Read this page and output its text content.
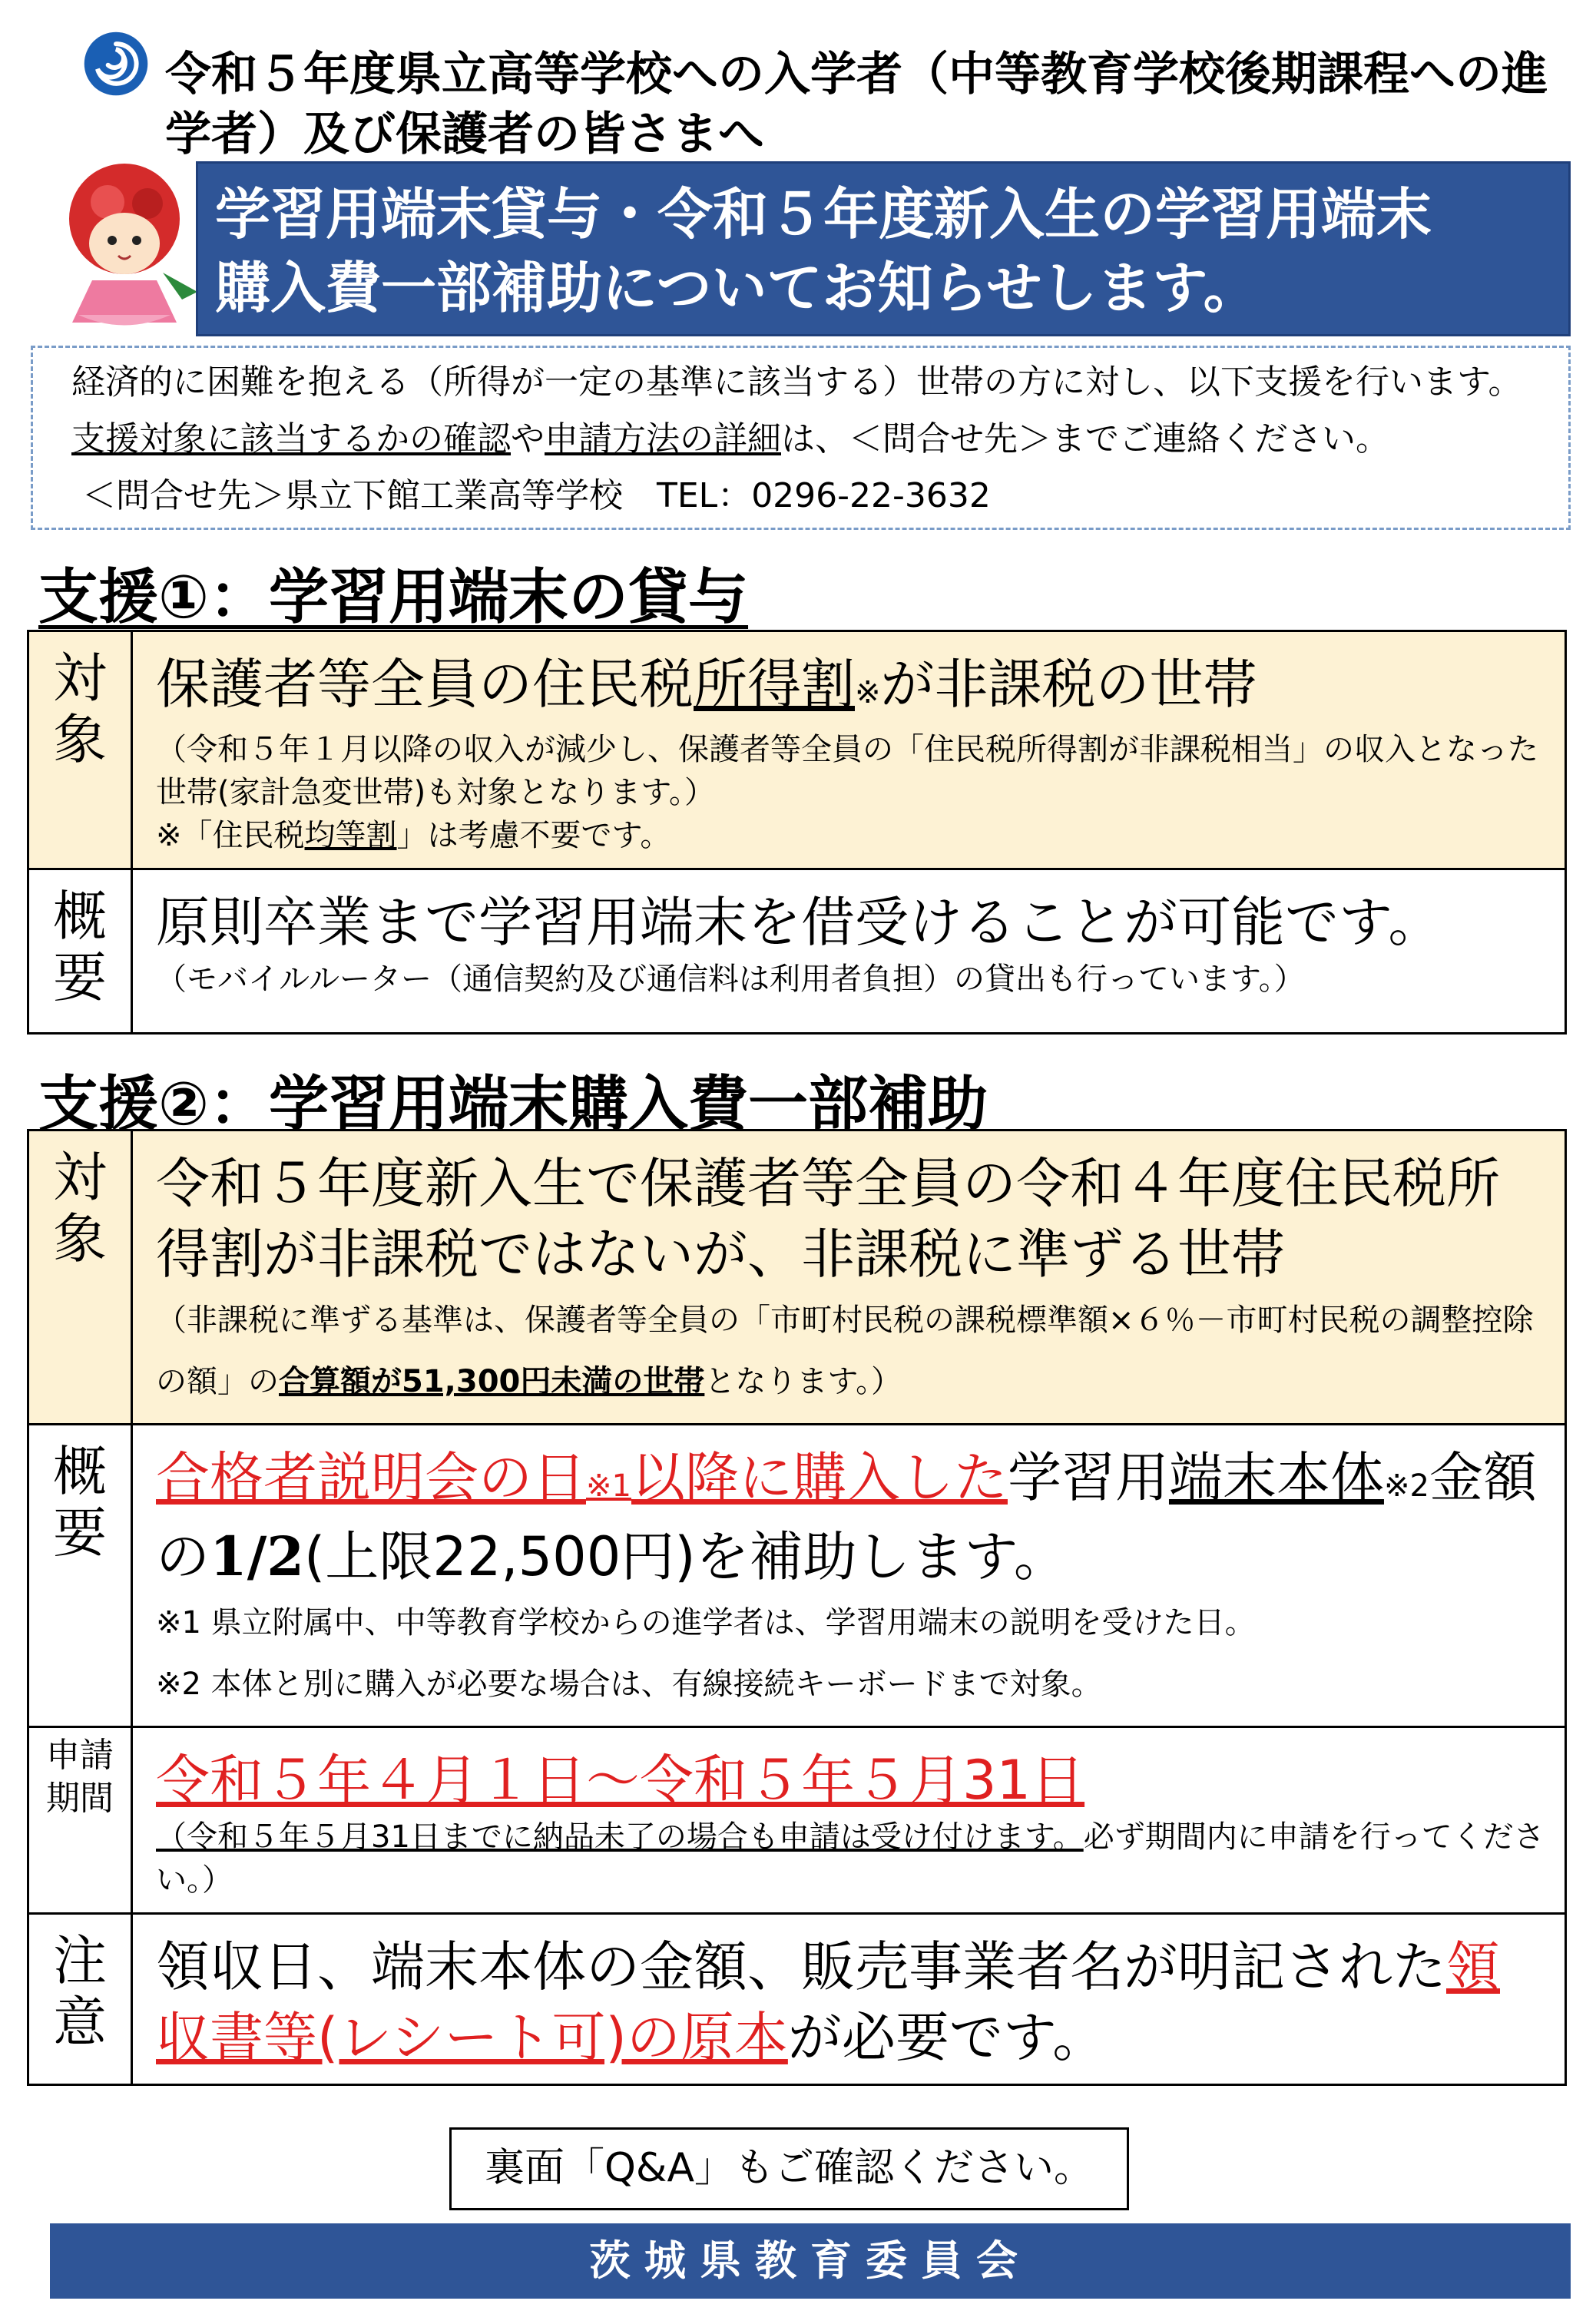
令和５年度県立高等学校への入学者（中等教育学校後期課程への進学者）及び保護者の皆さまへ
学習用端末貸与・令和５年度新入生の学習用端末
購入費一部補助についてお知らせします。
経済的に困難を抱える（所得が一定の基準に該当する）世帯の方に対し、以下支援を行います。
支援対象に該当するかの確認や申請方法の詳細は、＜問合せ先＞までご連絡ください。
＜問合せ先＞県立下館工業高等学校　TEL：0296-22-3632
支援①：学習用端末の貸与
対象	保護者等全員の住民税所得割※が非課税の世帯
（令和５年１月以降の収入が減少し、保護者等全員の「住民税所得割が非課税相当」の収入となった世帯(家計急変世帯)も対象となります。）
※「住民税均等割」は考慮不要です。

概要	原則卒業まで学習用端末を借受けることが可能です。
（モバイルルーター（通信契約及び通信料は利用者負担）の貸出も行っています。）
支援②：学習用端末購入費一部補助
対象	令和５年度新入生で保護者等全員の令和４年度住民税所得割が非課税ではないが、非課税に準ずる世帯
（非課税に準ずる基準は、保護者等全員の「市町村民税の課税標準額×６％－市町村民税の調整控除の額」の合算額が51,300円未満の世帯となります。）

概要	合格者説明会の日※1以降に購入した学習用端末本体※2金額の1/2(上限22,500円)を補助します。
※1 県立附属中、中等教育学校からの進学者は、学習用端末の説明を受けた日。
※2 本体と別に購入が必要な場合は、有線接続キーボードまで対象。

申請期間	令和５年４月１日～令和５年５月31日
（令和５年５月31日までに納品未了の場合も申請は受け付けます。必ず期間内に申請を行ってください。）

注意	領収日、端末本体の金額、販売事業者名が明記された領収書等(レシート可)の原本が必要です。
裏面「Q&A」もご確認ください。
茨城県教育委員会
